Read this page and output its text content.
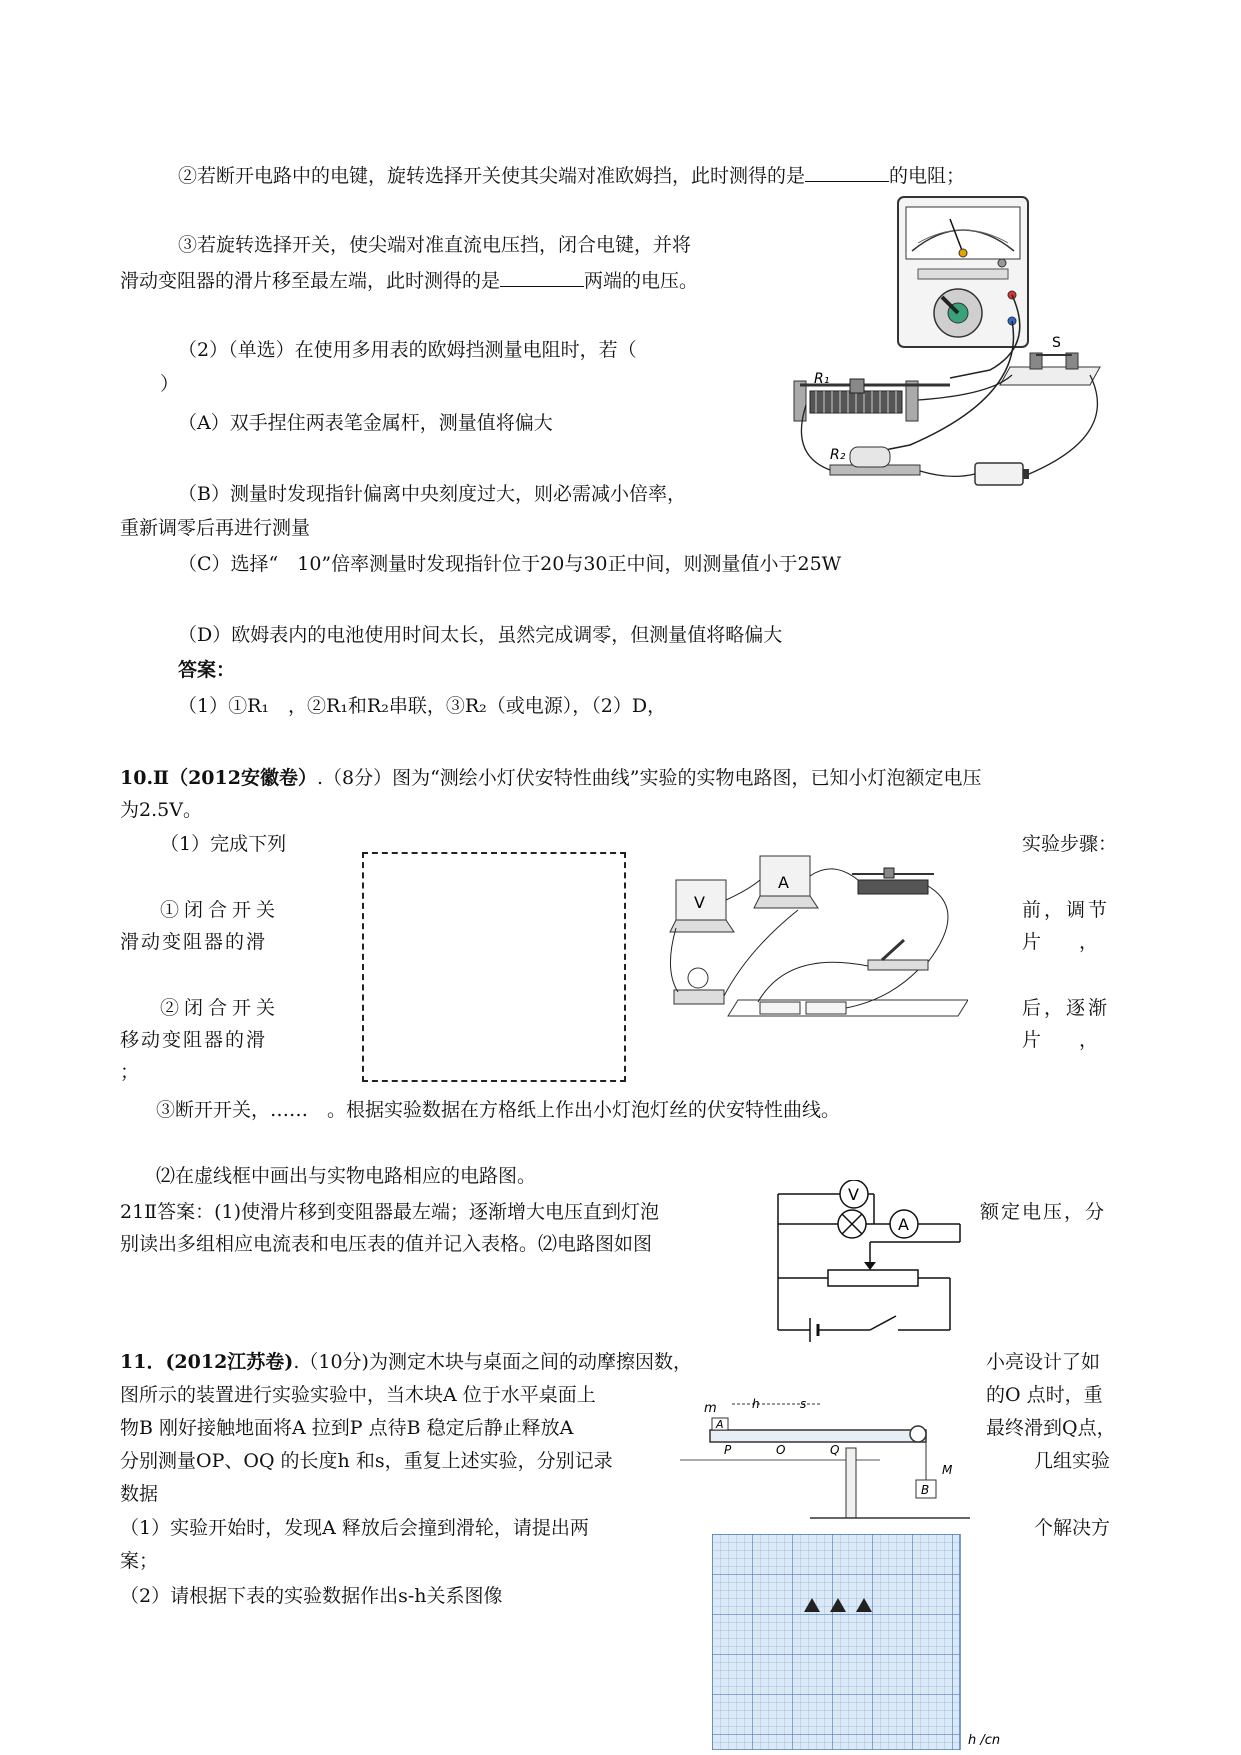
②若断开电路中的电键，旋转选择开关使其尖端对准欧姆挡，此时测得的是	的电阻；
③若旋转选择开关，使尖端对准直流电压挡，闭合电键，并将
滑动变阻器的滑片移至最左端，此时测得的是	两端的电压。
（2）（单选）在使用多用表的欧姆挡测量电阻时，若（
）
（A）双手捏住两表笔金属杆，测量值将偏大
（B）测量时发现指针偏离中央刻度过大，则必需减小倍率，
重新调零后再进行测量
（C）选择“　10”倍率测量时发现指针位于20与30正中间，则测量值小于25W
（D）欧姆表内的电池使用时间太长，虽然完成调零，但测量值将略偏大
答案：
（1）①R₁　，②R₁和R₂串联，③R₂（或电源），（2）D，
R₁
R₂
S
10.Ⅱ（2012安徽卷）.（8分）图为“测绘小灯伏安特性曲线”实验的实物电路图，已知小灯泡额定电压
为2.5V。
（1）完成下列	实验步骤：
①闭合开关	前，调节
滑动变阻器的滑	片　　，
②闭合开关	后，逐渐
移动变阻器的滑	片　　，
；
③断开开关，……　。根据实验数据在方格纸上作出小灯泡灯丝的伏安特性曲线。
⑵在虚线框中画出与实物电路相应的电路图。
21Ⅱ答案：(1)使滑片移到变阻器最左端；逐渐增大电压直到灯泡	额定电压，分
别读出多组相应电流表和电压表的值并记入表格。⑵电路图如图
V
A
V
A
11．(2012江苏卷).（10分)为测定木块与桌面之间的动摩擦因数，	小亮设计了如
图所示的装置进行实验实验中，当木块A 位于水平桌面上	的O 点时，重
物B 刚好接触地面将A 拉到P 点待B 稳定后静止释放A	最终滑到Q点，
分别测量OP、OQ 的长度h 和s，重复上述实验，分别记录	几组实验
数据
（1）实验开始时，发现A 释放后会撞到滑轮，请提出两	个解决方
案；
（2）请根据下表的实验数据作出s-h关系图像
m	h	s
A
P	O	Q
B
M
h /cn
